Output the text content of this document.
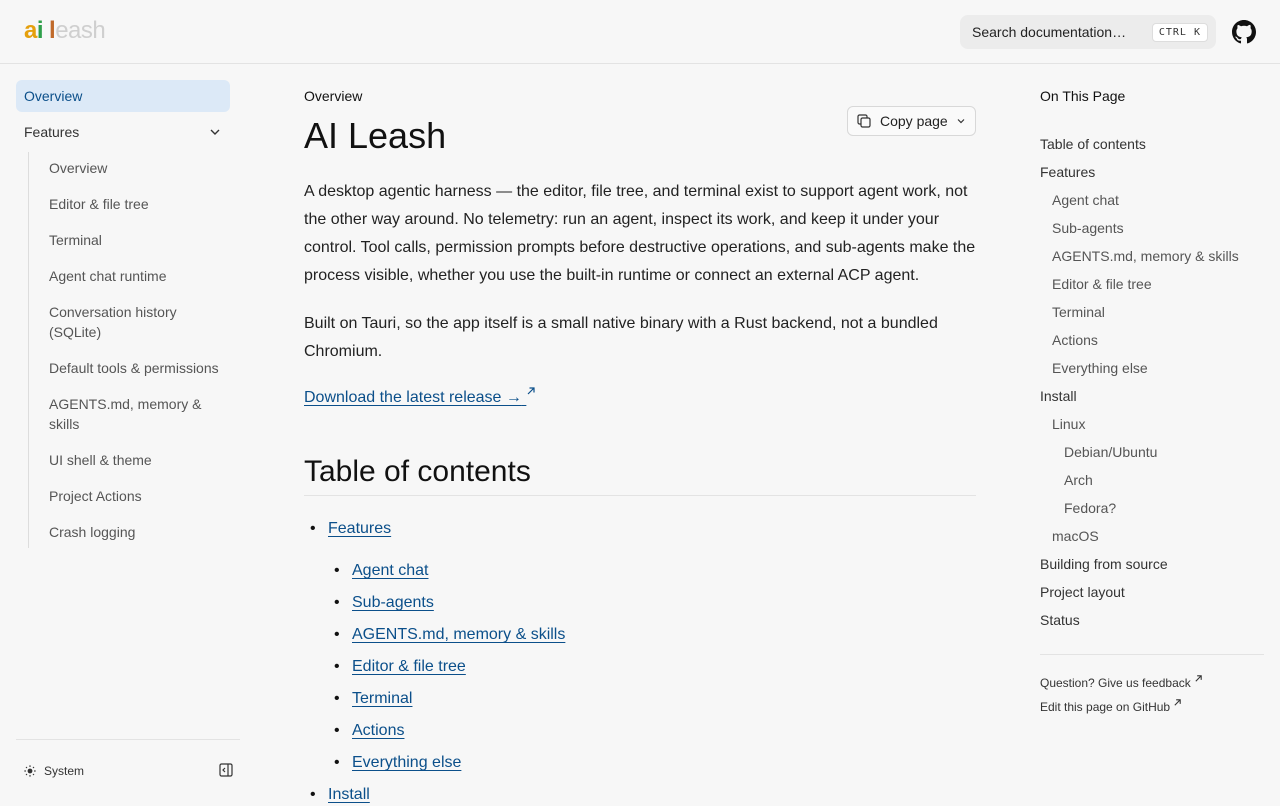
a i leash	Search documentation…	CTRL K
Overview
Features
Overview
Editor & file tree
Terminal
Agent chat runtime
Conversation history (SQLite)
Default tools & permissions
AGENTS.md, memory & skills
UI shell & theme
Project Actions
Crash logging
System
Overview
Copy page
AI Leash

A desktop agentic harness — the editor, file tree, and terminal exist to support agent work, not the other way around. No telemetry: run an agent, inspect its work, and keep it under your control. Tool calls, permission prompts before destructive operations, and sub-agents make the process visible, whether you use the built-in runtime or connect an external ACP agent.

Built on Tauri, so the app itself is a small native binary with a Rust backend, not a bundled Chromium.

Download the latest release →
Table of contents
• Features
• Agent chat
• Sub-agents
• AGENTS.md, memory & skills
• Editor & file tree
• Terminal
• Actions
• Everything else
• Install
On This Page
Table of contents
Features
Agent chat
Sub-agents
AGENTS.md, memory & skills
Editor & file tree
Terminal
Actions
Everything else
Install
Linux
Debian/Ubuntu
Arch
Fedora?
macOS
Building from source
Project layout
Status
Question? Give us feedback
Edit this page on GitHub
